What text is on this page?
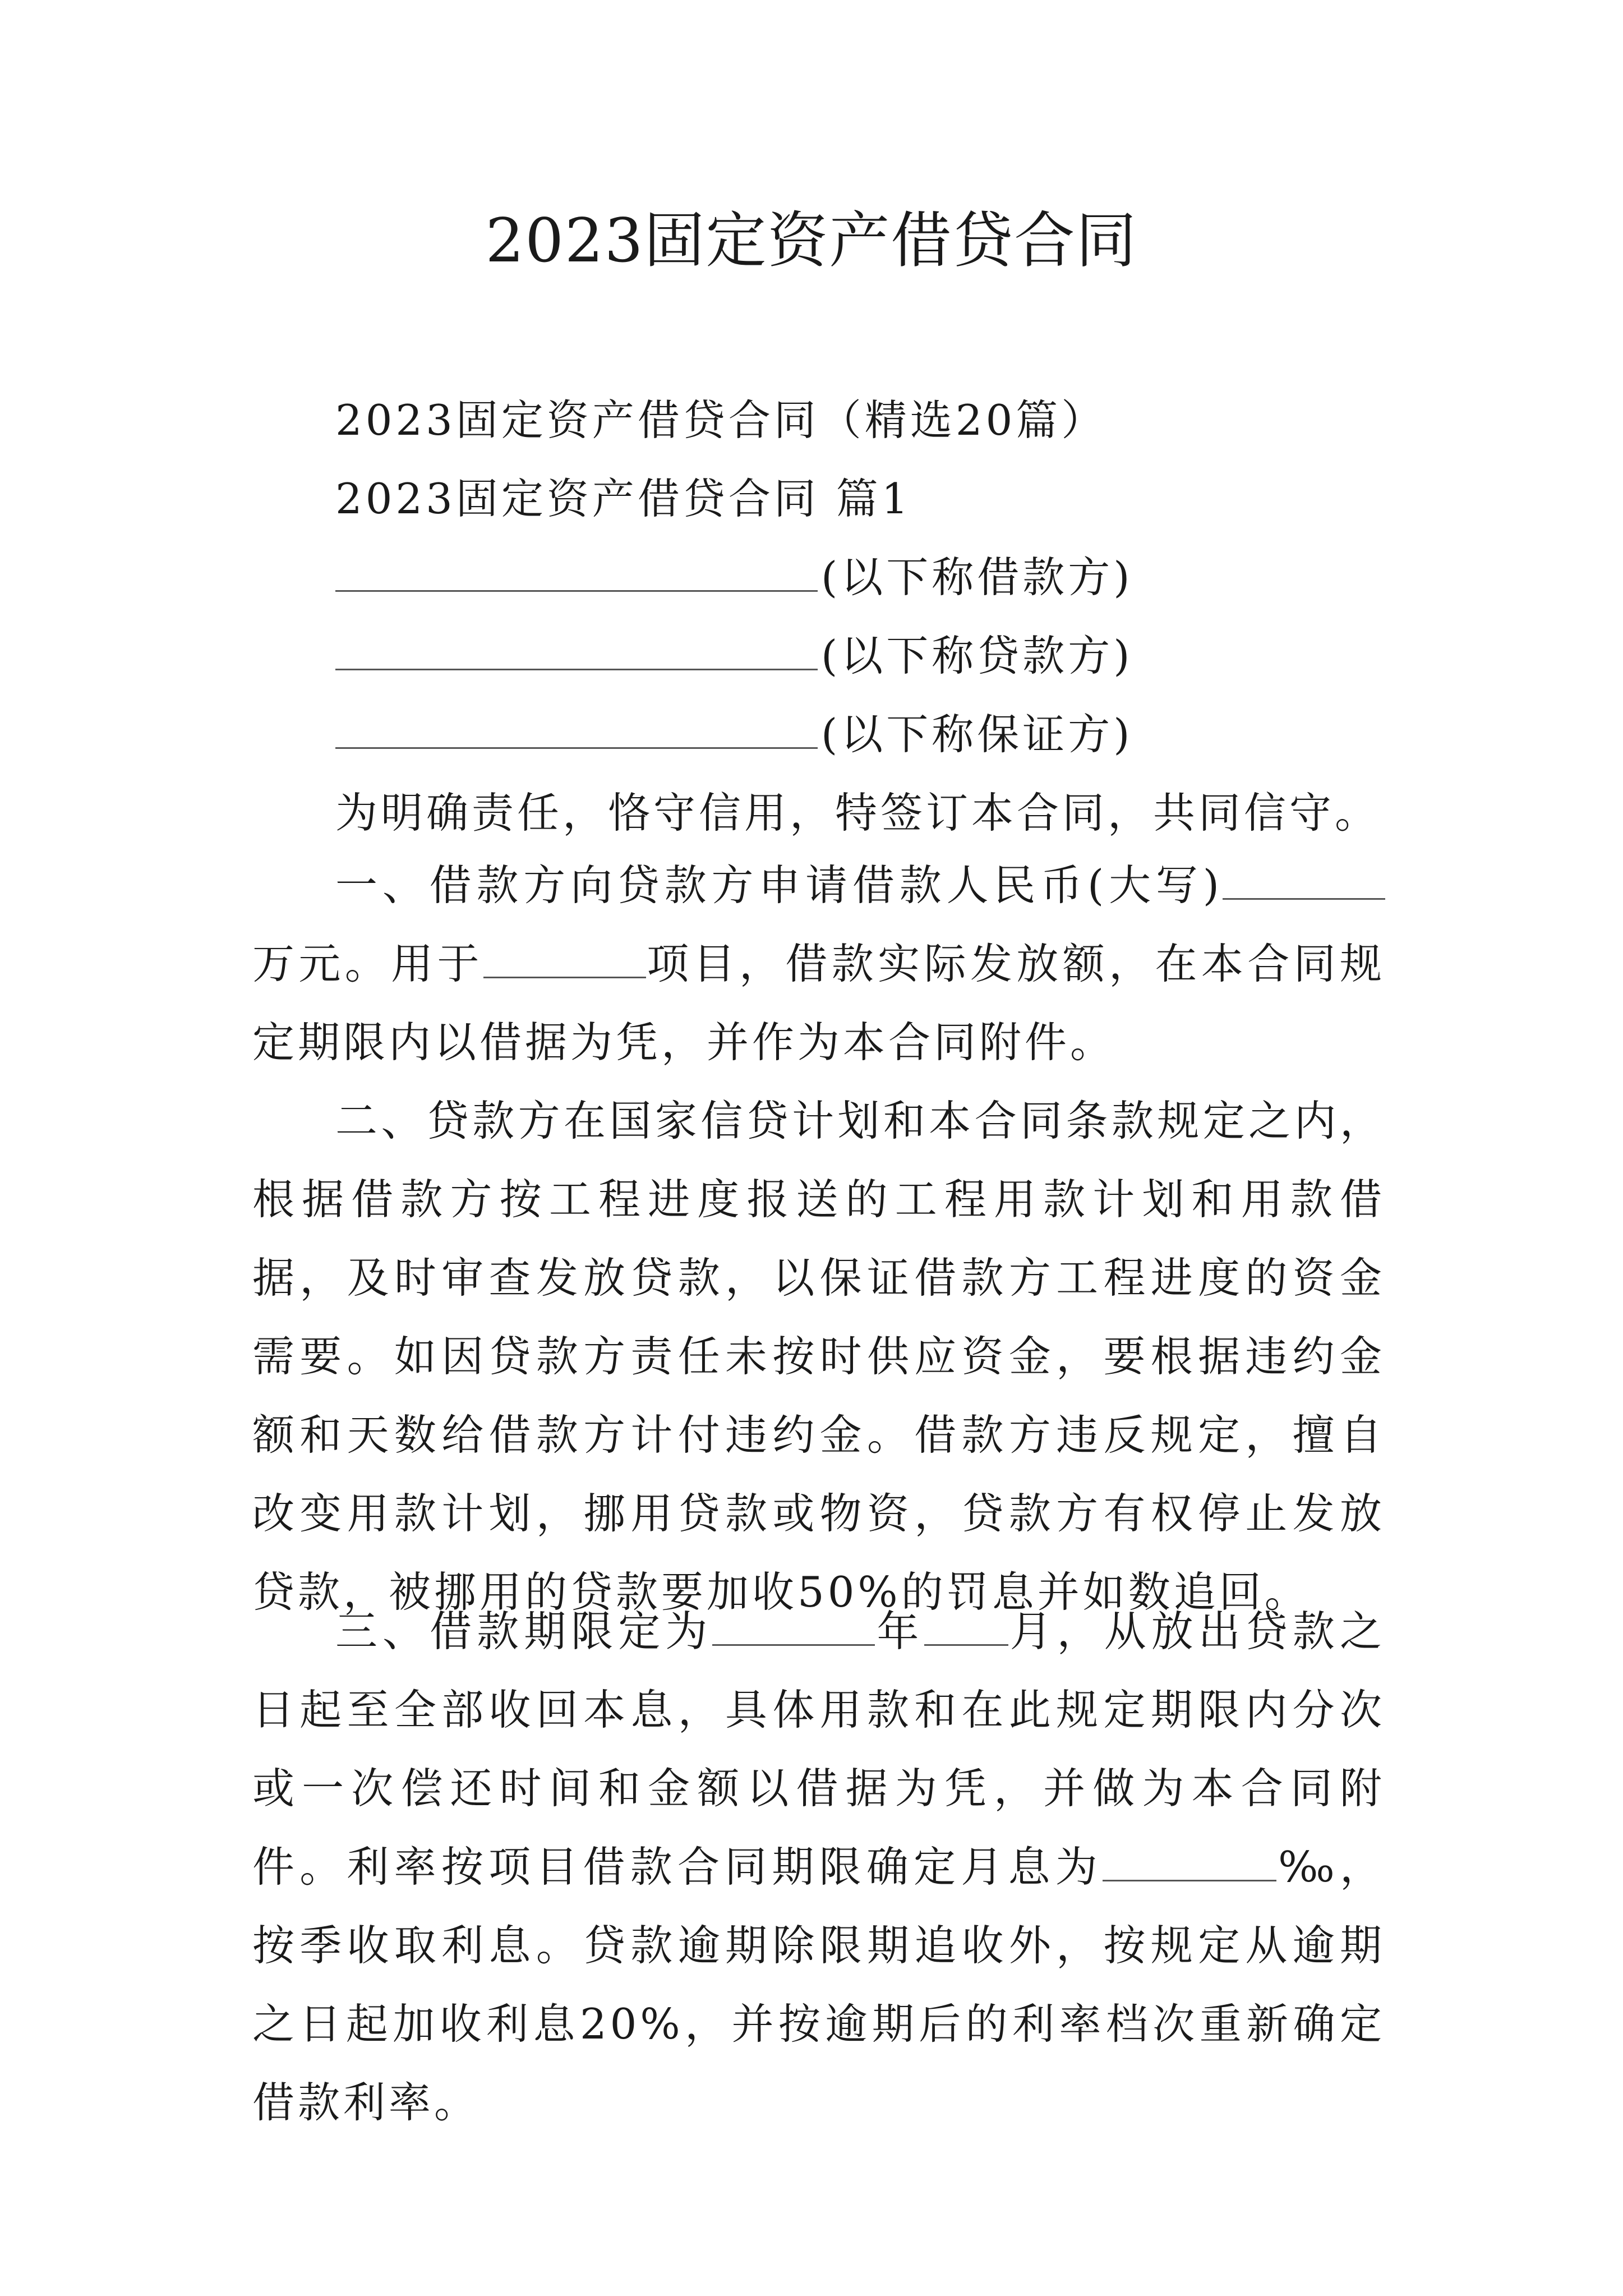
2023固定资产借贷合同
2023固定资产借贷合同（精选20篇）
2023固定资产借贷合同 篇1
(以下称借款方)
(以下称贷款方)
(以下称保证方)
为明确责任，恪守信用，特签订本合同，共同信守。
一、借款方向贷款方申请借款人民币(大写)万元。用于	项目，借款实际发放额，在本合同规定期限内以借据为凭，并作为本合同附件。
二、贷款方在国家信贷计划和本合同条款规定之内，根据借款方按工程进度报送的工程用款计划和用款借据，及时审查发放贷款，以保证借款方工程进度的资金需要。如因贷款方责任未按时供应资金，要根据违约金额和天数给借款方计付违约金。借款方违反规定，擅自改变用款计划，挪用贷款或物资，贷款方有权停止发放贷款，被挪用的贷款要加收50%的罚息并如数追回。
三、借款期限定为	年 月，从放出贷款之日起至全部收回本息，具体用款和在此规定期限内分次或一次偿还时间和金额以借据为凭，并做为本合同附件。利率按项目借款合同期限确定月息为	‰，按季收取利息。贷款逾期除限期追收外，按规定从逾期之日起加收利息20%，并按逾期后的利率档次重新确定借款利率。
